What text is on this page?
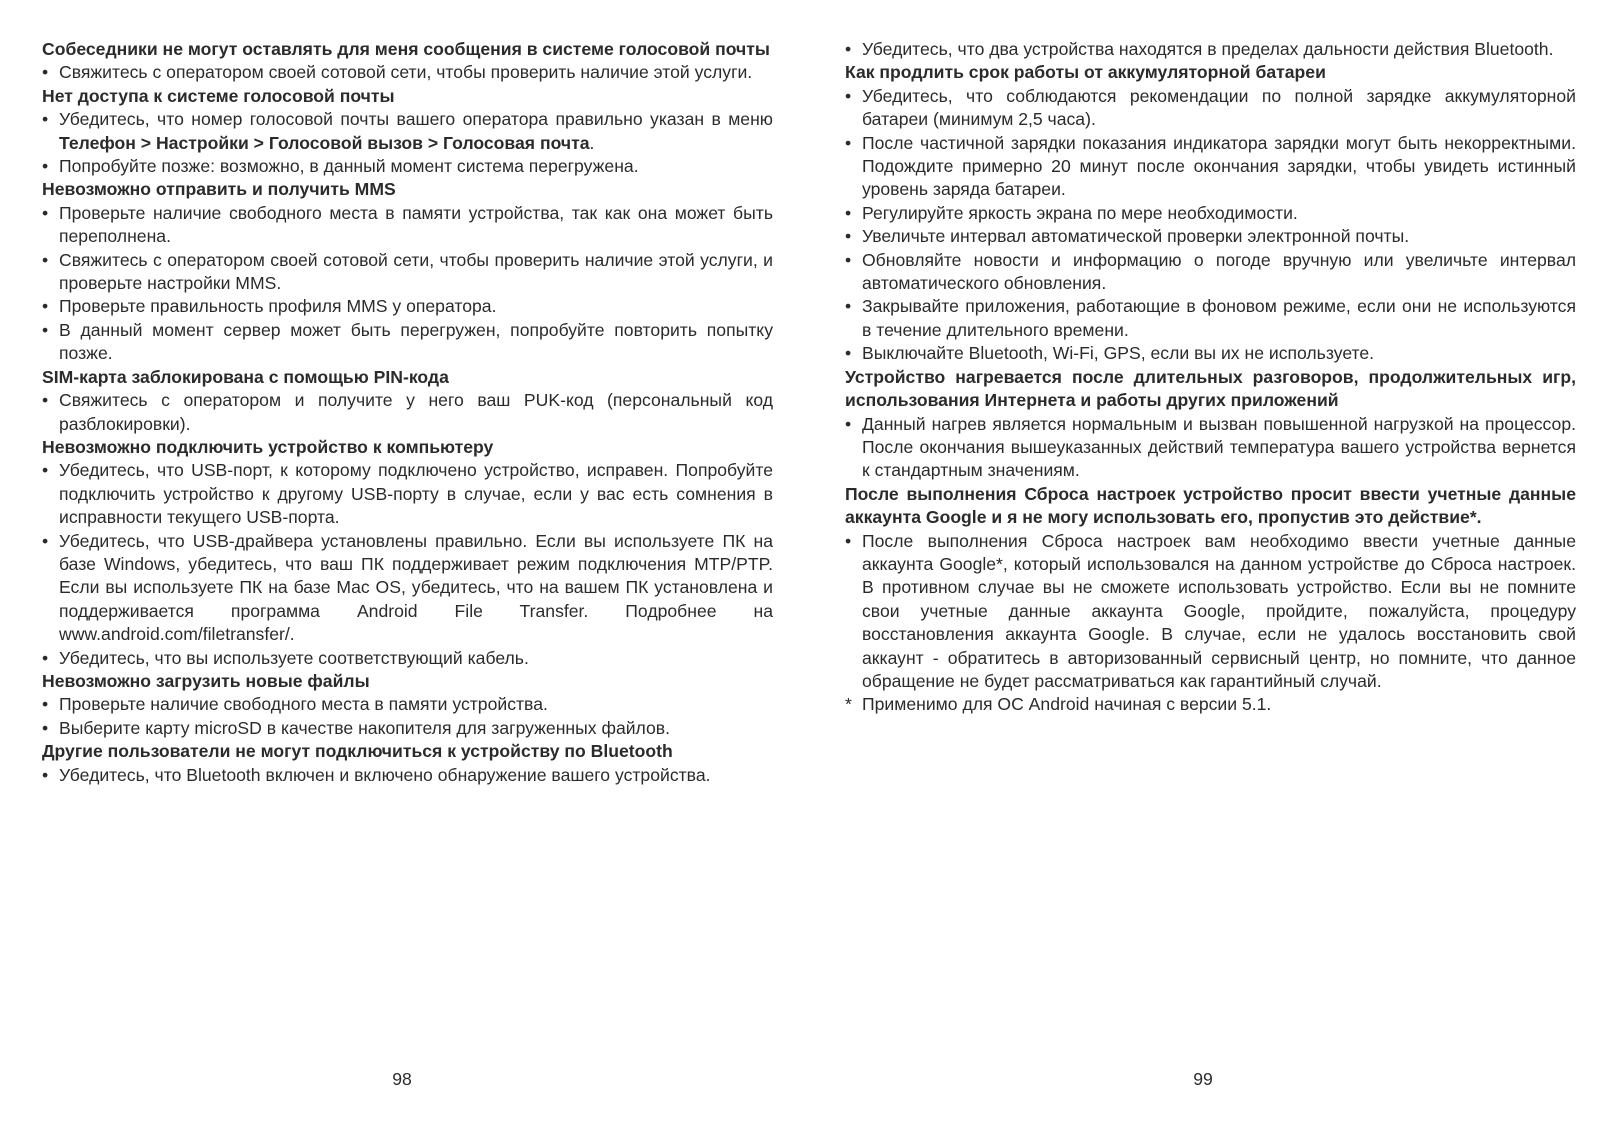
Собеседники не могут оставлять для меня сообщения в системе голосовой почты

• Свяжитесь с оператором своей сотовой сети, чтобы проверить наличие этой услуги.

Нет доступа к системе голосовой почты

• Убедитесь, что номер голосовой почты вашего оператора правильно указан в меню Телефон > Настройки > Голосовой вызов > Голосовая почта.

• Попробуйте позже: возможно, в данный момент система перегружена.

Невозможно отправить и получить MMS

• Проверьте наличие свободного места в памяти устройства, так как она может быть переполнена.

• Свяжитесь с оператором своей сотовой сети, чтобы проверить наличие этой услуги, и проверьте настройки MMS.

• Проверьте правильность профиля MMS у оператора.

• В данный момент сервер может быть перегружен, попробуйте повторить попытку позже.

SIM-карта заблокирована с помощью PIN-кода

• Свяжитесь с оператором и получите у него ваш PUK-код (персональный код разблокировки).

Невозможно подключить устройство к компьютеру

• Убедитесь, что USB-порт, к которому подключено устройство, исправен. Попробуйте подключить устройство к другому USB-порту в случае, если у вас есть сомнения в исправности текущего USB-порта.

• Убедитесь, что USB-драйвера установлены правильно. Если вы используете ПК на базе Windows, убедитесь, что ваш ПК поддерживает режим подключения MTP/PTP. Если вы используете ПК на базе Mac OS, убедитесь, что на вашем ПК установлена и поддерживается программа Android File Transfer. Подробнее на www.android.com/filetransfer/.

• Убедитесь, что вы используете соответствующий кабель.

Невозможно загрузить новые файлы

• Проверьте наличие свободного места в памяти устройства.

• Выберите карту microSD в качестве накопителя для загруженных файлов.

Другие пользователи не могут подключиться к устройству по Bluetooth

• Убедитесь, что Bluetooth включен и включено обнаружение вашего устройства.

• Убедитесь, что два устройства находятся в пределах дальности действия Bluetooth.

Как продлить срок работы от аккумуляторной батареи

• Убедитесь, что соблюдаются рекомендации по полной зарядке аккумуляторной батареи (минимум 2,5 часа).

• После частичной зарядки показания индикатора зарядки могут быть некорректными. Подождите примерно 20 минут после окончания зарядки, чтобы увидеть истинный уровень заряда батареи.

• Регулируйте яркость экрана по мере необходимости.

• Увеличьте интервал автоматической проверки электронной почты.

• Обновляйте новости и информацию о погоде вручную или увеличьте интервал автоматического обновления.

• Закрывайте приложения, работающие в фоновом режиме, если они не используются в течение длительного времени.

• Выключайте Bluetooth, Wi-Fi, GPS, если вы их не используете.

Устройство нагревается после длительных разговоров, продолжительных игр, использования Интернета и работы других приложений

• Данный нагрев является нормальным и вызван повышенной нагрузкой на процессор. После окончания вышеуказанных действий температура вашего устройства вернется к стандартным значениям.

После выполнения Сброса настроек устройство просит ввести учетные данные аккаунта Google и я не могу использовать его, пропустив это действие*.

• После выполнения Сброса настроек вам необходимо ввести учетные данные аккаунта Google*, который использовался на данном устройстве до Сброса настроек. В противном случае вы не сможете использовать устройство. Если вы не помните свои учетные данные аккаунта Google, пройдите, пожалуйста, процедуру восстановления аккаунта Google. В случае, если не удалось восстановить свой аккаунт - обратитесь в авторизованный сервисный центр, но помните, что данное обращение не будет рассматриваться как гарантийный случай.

* Применимо для ОС Android начиная с версии 5.1.

98	99
